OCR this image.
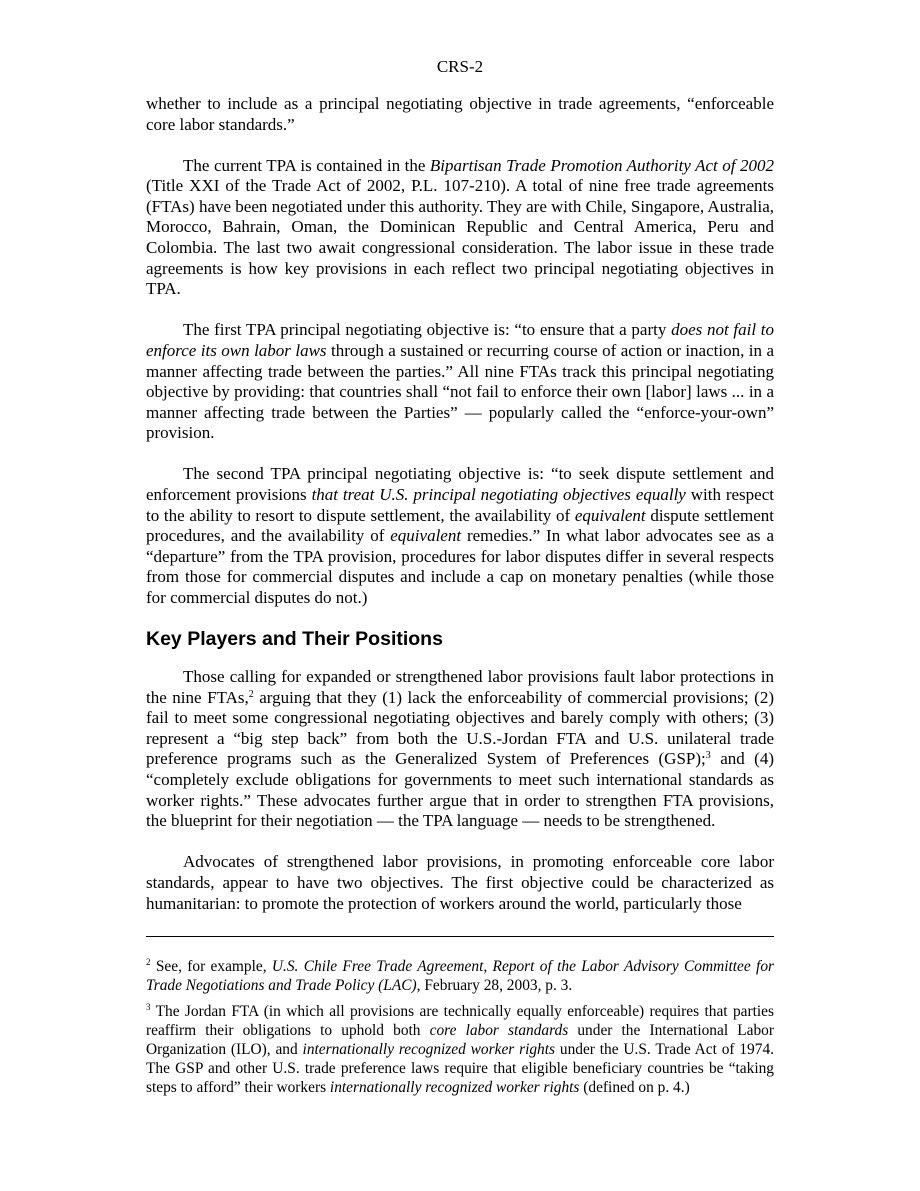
CRS-2

whether to include as a principal negotiating objective in trade agreements, “enforceable core labor standards.”

The current TPA is contained in the Bipartisan Trade Promotion Authority Act of 2002 (Title XXI of the Trade Act of 2002, P.L. 107-210). A total of nine free trade agreements (FTAs) have been negotiated under this authority. They are with Chile, Singapore, Australia, Morocco, Bahrain, Oman, the Dominican Republic and Central America, Peru and Colombia. The last two await congressional consideration. The labor issue in these trade agreements is how key provisions in each reflect two principal negotiating objectives in TPA.

The first TPA principal negotiating objective is: “to ensure that a party does not fail to enforce its own labor laws through a sustained or recurring course of action or inaction, in a manner affecting trade between the parties.” All nine FTAs track this principal negotiating objective by providing: that countries shall “not fail to enforce their own [labor] laws ... in a manner affecting trade between the Parties” — popularly called the “enforce-your-own” provision.

The second TPA principal negotiating objective is: “to seek dispute settlement and enforcement provisions that treat U.S. principal negotiating objectives equally with respect to the ability to resort to dispute settlement, the availability of equivalent dispute settlement procedures, and the availability of equivalent remedies.” In what labor advocates see as a “departure” from the TPA provision, procedures for labor disputes differ in several respects from those for commercial disputes and include a cap on monetary penalties (while those for commercial disputes do not.)

Key Players and Their Positions

Those calling for expanded or strengthened labor provisions fault labor protections in the nine FTAs,$^2$ arguing that they (1) lack the enforceability of commercial provisions; (2) fail to meet some congressional negotiating objectives and barely comply with others; (3) represent a “big step back” from both the U.S.-Jordan FTA and U.S. unilateral trade preference programs such as the Generalized System of Preferences (GSP);$^3$ and (4) “completely exclude obligations for governments to meet such international standards as worker rights.” These advocates further argue that in order to strengthen FTA provisions, the blueprint for their negotiation — the TPA language — needs to be strengthened.

Advocates of strengthened labor provisions, in promoting enforceable core labor standards, appear to have two objectives. The first objective could be characterized as humanitarian: to promote the protection of workers around the world, particularly those

$^2$ See, for example, U.S. Chile Free Trade Agreement, Report of the Labor Advisory Committee for Trade Negotiations and Trade Policy (LAC), February 28, 2003, p. 3.

$^3$ The Jordan FTA (in which all provisions are technically equally enforceable) requires that parties reaffirm their obligations to uphold both core labor standards under the International Labor Organization (ILO), and internationally recognized worker rights under the U.S. Trade Act of 1974. The GSP and other U.S. trade preference laws require that eligible beneficiary countries be “taking steps to afford” their workers internationally recognized worker rights (defined on p. 4.)
